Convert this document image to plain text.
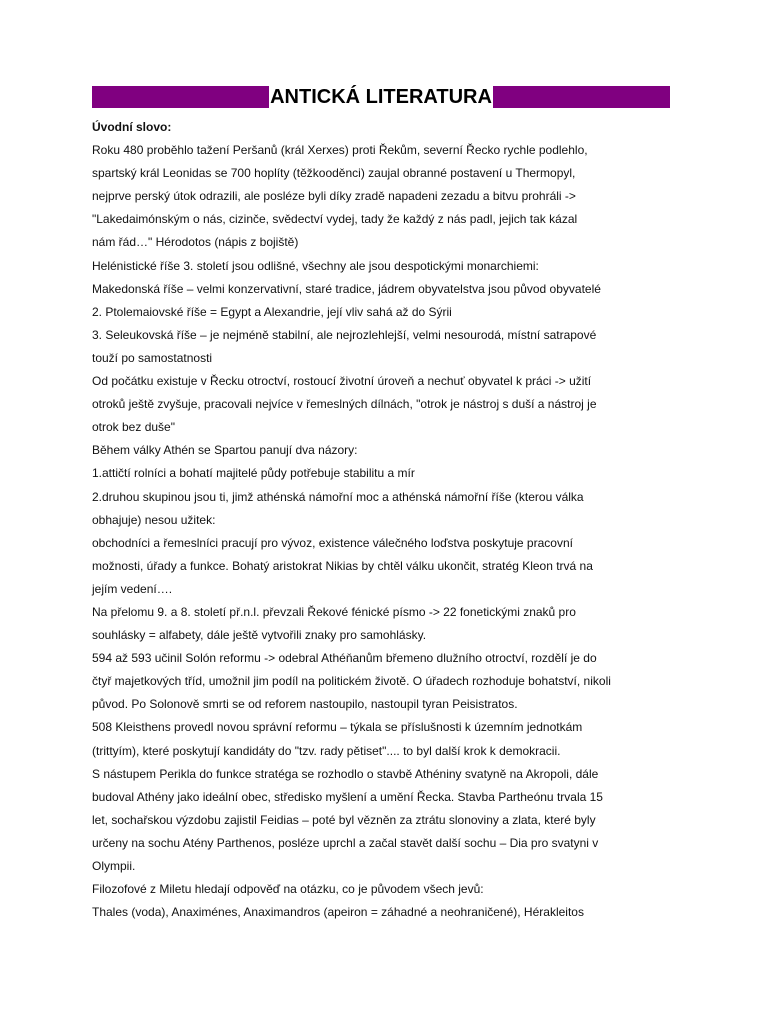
ANTICKÁ LITERATURA
Úvodní slovo:
Roku 480 proběhlo tažení Peršanů (král Xerxes) proti Řekům, severní Řecko rychle podlehlo,
spartský král Leonidas se 700 hoplíty (těžkooděnci) zaujal obranné postavení u Thermopyl,
nejprve perský útok odrazili, ale posléze byli díky zradě napadeni zezadu a bitvu prohráli ->
"Lakedaimónským o nás, cizinče, svědectví vydej, tady že každý z nás padl, jejich tak kázal
nám řád…" Hérodotos (nápis z bojiště)
Helénistické říše 3. století jsou odlišné, všechny ale jsou despotickými monarchiemi:
Makedonská říše – velmi konzervativní, staré tradice, jádrem obyvatelstva jsou původ obyvatelé
2. Ptolemaiovské říše = Egypt a Alexandrie, její vliv sahá až do Sýrii
3. Seleukovská říše – je nejméně stabilní, ale nejrozlehlejší, velmi nesourodá, místní satrapové
touží po samostatnosti
Od počátku existuje v Řecku otroctví, rostoucí životní úroveň a nechuť obyvatel k práci -> užití
otroků ještě zvyšuje, pracovali nejvíce v řemeslných dílnách, "otrok je nástroj s duší a nástroj je
otrok bez duše"
Během války Athén se Spartou panují dva názory:
1.attičtí rolníci a bohatí majitelé půdy potřebuje stabilitu a mír
2.druhou skupinou jsou ti, jimž athénská námořní moc a athénská námořní říše (kterou válka
obhajuje) nesou užitek:
obchodníci a řemeslníci pracují pro vývoz, existence válečného loďstva poskytuje pracovní
možnosti, úřady a funkce. Bohatý aristokrat Nikias by chtěl válku ukončit, stratég Kleon trvá na
jejím vedení….
Na přelomu 9. a 8. století př.n.l. převzali Řekové fénické písmo -> 22 fonetickými znaků pro
souhlásky = alfabety, dále ještě vytvořili znaky pro samohlásky.
594 až 593 učinil Solón reformu -> odebral Athéňanům břemeno dlužního otroctví, rozdělí je do
čtyř majetkových tříd, umožnil jim podíl na politickém životě. O úřadech rozhoduje bohatství, nikoli
původ. Po Solonově smrti se od reforem nastoupilo, nastoupil tyran Peisistratos.
508 Kleisthens provedl novou správní reformu – týkala se příslušnosti k územním jednotkám
(trittyím), které poskytují kandidáty do "tzv. rady pětiset".... to byl další krok k demokracii.
S nástupem Perikla do funkce stratéga se rozhodlo o stavbě Athéniny svatyně na Akropoli, dále
budoval Athény jako ideální obec, středisko myšlení a umění Řecka. Stavba Partheónu trvala 15
let, sochařskou výzdobu zajistil Feidias – poté byl vězněn za ztrátu slonoviny a zlata, které byly
určeny na sochu Atény Parthenos, posléze uprchl a začal stavět další sochu – Dia pro svatyni v
Olympii.
Filozofové z Miletu hledají odpověď na otázku, co je původem všech jevů:
Thales (voda), Anaximénes, Anaximandros (apeiron = záhadné a neohraničené), Hérakleitos
